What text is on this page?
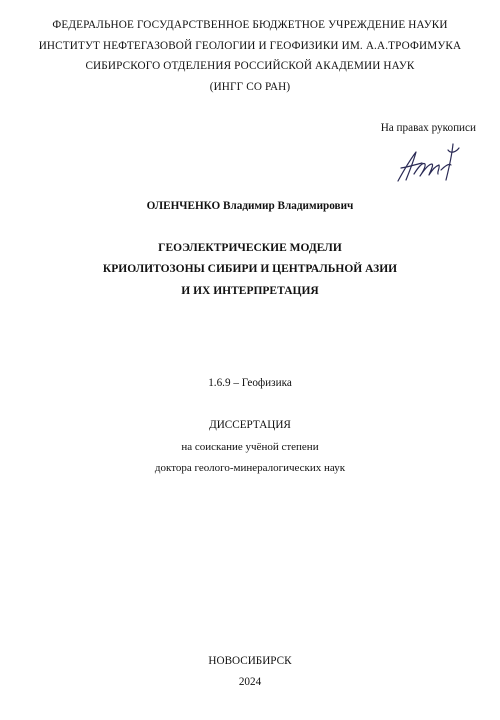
ФЕДЕРАЛЬНОЕ ГОСУДАРСТВЕННОЕ БЮДЖЕТНОЕ УЧРЕЖДЕНИЕ НАУКИ
ИНСТИТУТ НЕФТЕГАЗОВОЙ ГЕОЛОГИИ И ГЕОФИЗИКИ ИМ. А.А.ТРОФИМУКА
СИБИРСКОГО ОТДЕЛЕНИЯ РОССИЙСКОЙ АКАДЕМИИ НАУК
(ИНГГ СО РАН)
На правах рукописи
ОЛЕНЧЕНКО Владимир Владимирович
ГЕОЭЛЕКТРИЧЕСКИЕ МОДЕЛИ
КРИОЛИТОЗОНЫ СИБИРИ И ЦЕНТРАЛЬНОЙ АЗИИ
И ИХ ИНТЕРПРЕТАЦИЯ
1.6.9 – Геофизика
ДИССЕРТАЦИЯ
на соискание учёной степени
доктора геолого-минералогических наук
НОВОСИБИРСК
2024
